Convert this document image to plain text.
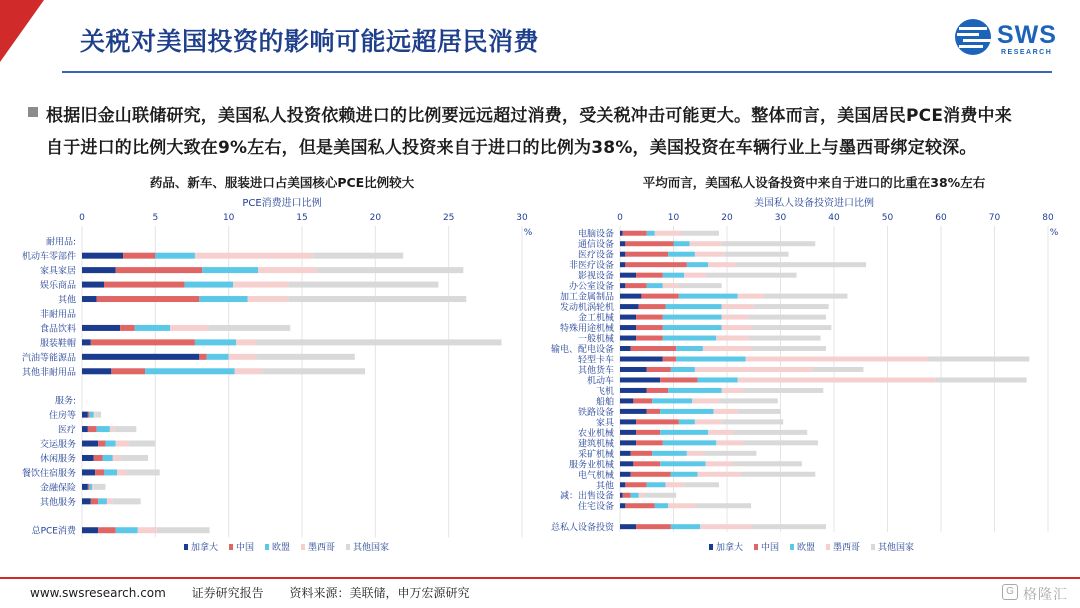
关税对美国投资的影响可能远超居民消费	SWS
RESEARCH
根据旧金山联储研究，美国私人投资依赖进口的比例要远远超过消费，受关税冲击可能更大。整体而言，美国居民PCE消费中来
自于进口的比例大致在9%左右，但是美国私人投资来自于进口的比例为38%，美国投资在车辆行业上与墨西哥绑定较深。
药品、新车、服装进口占美国核心PCE比例较大
PCE消费进口比例
0	5	10	15	20	25	30
%
耐用品:
机动车零部件
家具家居
娱乐商品
其他
非耐用品
食品饮料
服装鞋帽
汽油等能源品
其他非耐用品
服务:
住房等
医疗
交运服务
休闲服务
餐饮住宿服务
金融保险
其他服务
总PCE消费
加拿大 中国 欧盟 墨西哥 其他国家
平均而言，美国私人设备投资中来自于进口的比重在38%左右
美国私人设备投资进口比例
0	10	20	30	40	50	60	70	80
%
电脑设备
通信设备
医疗设备
非医疗设备
影视设备
办公室设备
加工金属制品
发动机涡轮机
金工机械
特殊用途机械
一般机械
输电、配电设备
轻型卡车
其他货车
机动车
飞机
船舶
铁路设备
家具
农业机械
建筑机械
采矿机械
服务业机械
电气机械
其他
减：出售设备
住宅设备
总私人设备投资
加拿大 中国 欧盟 墨西哥 其他国家
www.swsresearch.com 证券研究报告 资料来源：美联储，申万宏源研究	G 格隆汇
